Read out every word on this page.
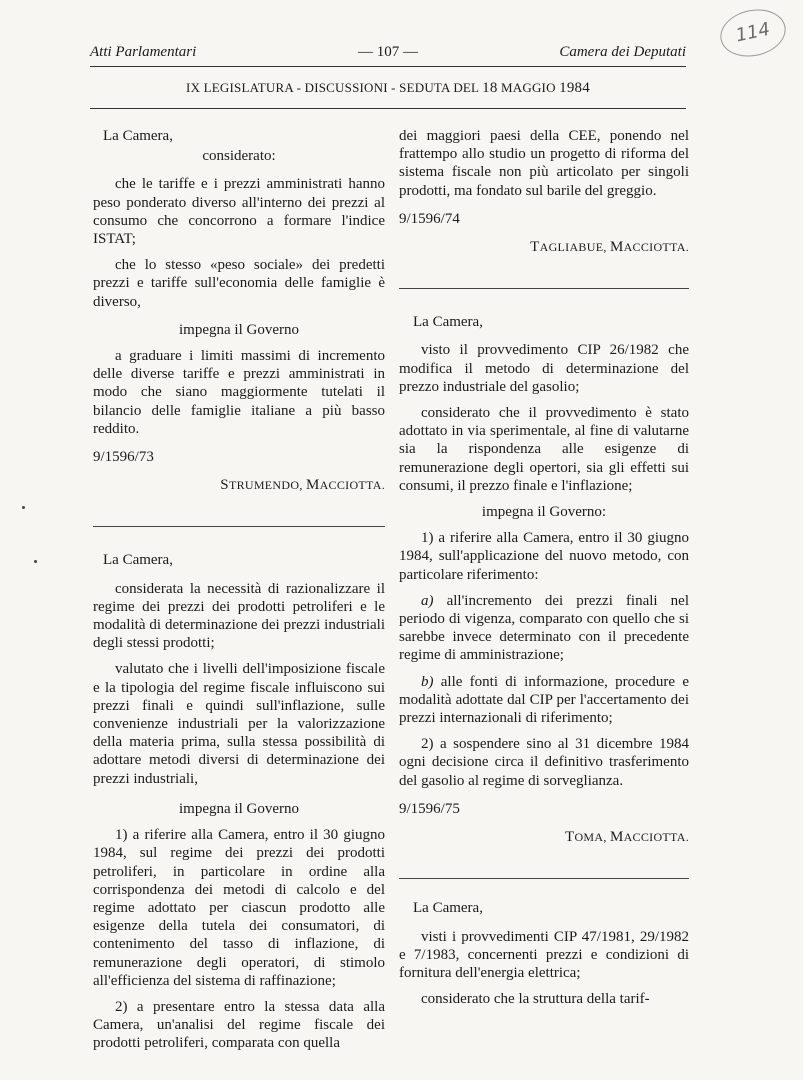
Atti Parlamentari	— 107 —	Camera dei Deputati
IX LEGISLATURA - DISCUSSIONI - SEDUTA DEL 18 MAGGIO 1984
114

La Camera,

considerato:

che le tariffe e i prezzi amministrati hanno peso ponderato diverso all'interno dei prezzi al consumo che concorrono a formare l'indice ISTAT;

che lo stesso «peso sociale» dei predetti prezzi e tariffe sull'economia delle famiglie è diverso,

impegna il Governo

a graduare i limiti massimi di incremento delle diverse tariffe e prezzi amministrati in modo che siano maggiormente tutelati il bilancio delle famiglie italiane a più basso reddito.

9/1596/73

STRUMENDO, MACCIOTTA.

La Camera,

considerata la necessità di razionalizzare il regime dei prezzi dei prodotti petroliferi e le modalità di determinazione dei prezzi industriali degli stessi prodotti;

valutato che i livelli dell'imposizione fiscale e la tipologia del regime fiscale influiscono sui prezzi finali e quindi sull'inflazione, sulle convenienze industriali per la valorizzazione della materia prima, sulla stessa possibilità di adottare metodi diversi di determinazione dei prezzi industriali,

impegna il Governo

1) a riferire alla Camera, entro il 30 giugno 1984, sul regime dei prezzi dei prodotti petroliferi, in particolare in ordine alla corrispondenza dei metodi di calcolo e del regime adottato per ciascun prodotto alle esigenze della tutela dei consumatori, di contenimento del tasso di inflazione, di remunerazione degli operatori, di stimolo all'efficienza del sistema di raffinazione;

2) a presentare entro la stessa data alla Camera, un'analisi del regime fiscale dei prodotti petroliferi, comparata con quella

dei maggiori paesi della CEE, ponendo nel frattempo allo studio un progetto di riforma del sistema fiscale non più articolato per singoli prodotti, ma fondato sul barile del greggio.

9/1596/74

TAGLIABUE, MACCIOTTA.

La Camera,

visto il provvedimento CIP 26/1982 che modifica il metodo di determinazione del prezzo industriale del gasolio;

considerato che il provvedimento è stato adottato in via sperimentale, al fine di valutarne sia la rispondenza alle esigenze di remunerazione degli opertori, sia gli effetti sui consumi, il prezzo finale e l'inflazione;

impegna il Governo:

1) a riferire alla Camera, entro il 30 giugno 1984, sull'applicazione del nuovo metodo, con particolare riferimento:

a) all'incremento dei prezzi finali nel periodo di vigenza, comparato con quello che si sarebbe invece determinato con il precedente regime di amministrazione;

b) alle fonti di informazione, procedure e modalità adottate dal CIP per l'accertamento dei prezzi internazionali di riferimento;

2) a sospendere sino al 31 dicembre 1984 ogni decisione circa il definitivo trasferimento del gasolio al regime di sorveglianza.

9/1596/75

TOMA, MACCIOTTA.

La Camera,

visti i provvedimenti CIP 47/1981, 29/1982 e 7/1983, concernenti prezzi e condizioni di fornitura dell'energia elettrica;

considerato che la struttura della tarif-
